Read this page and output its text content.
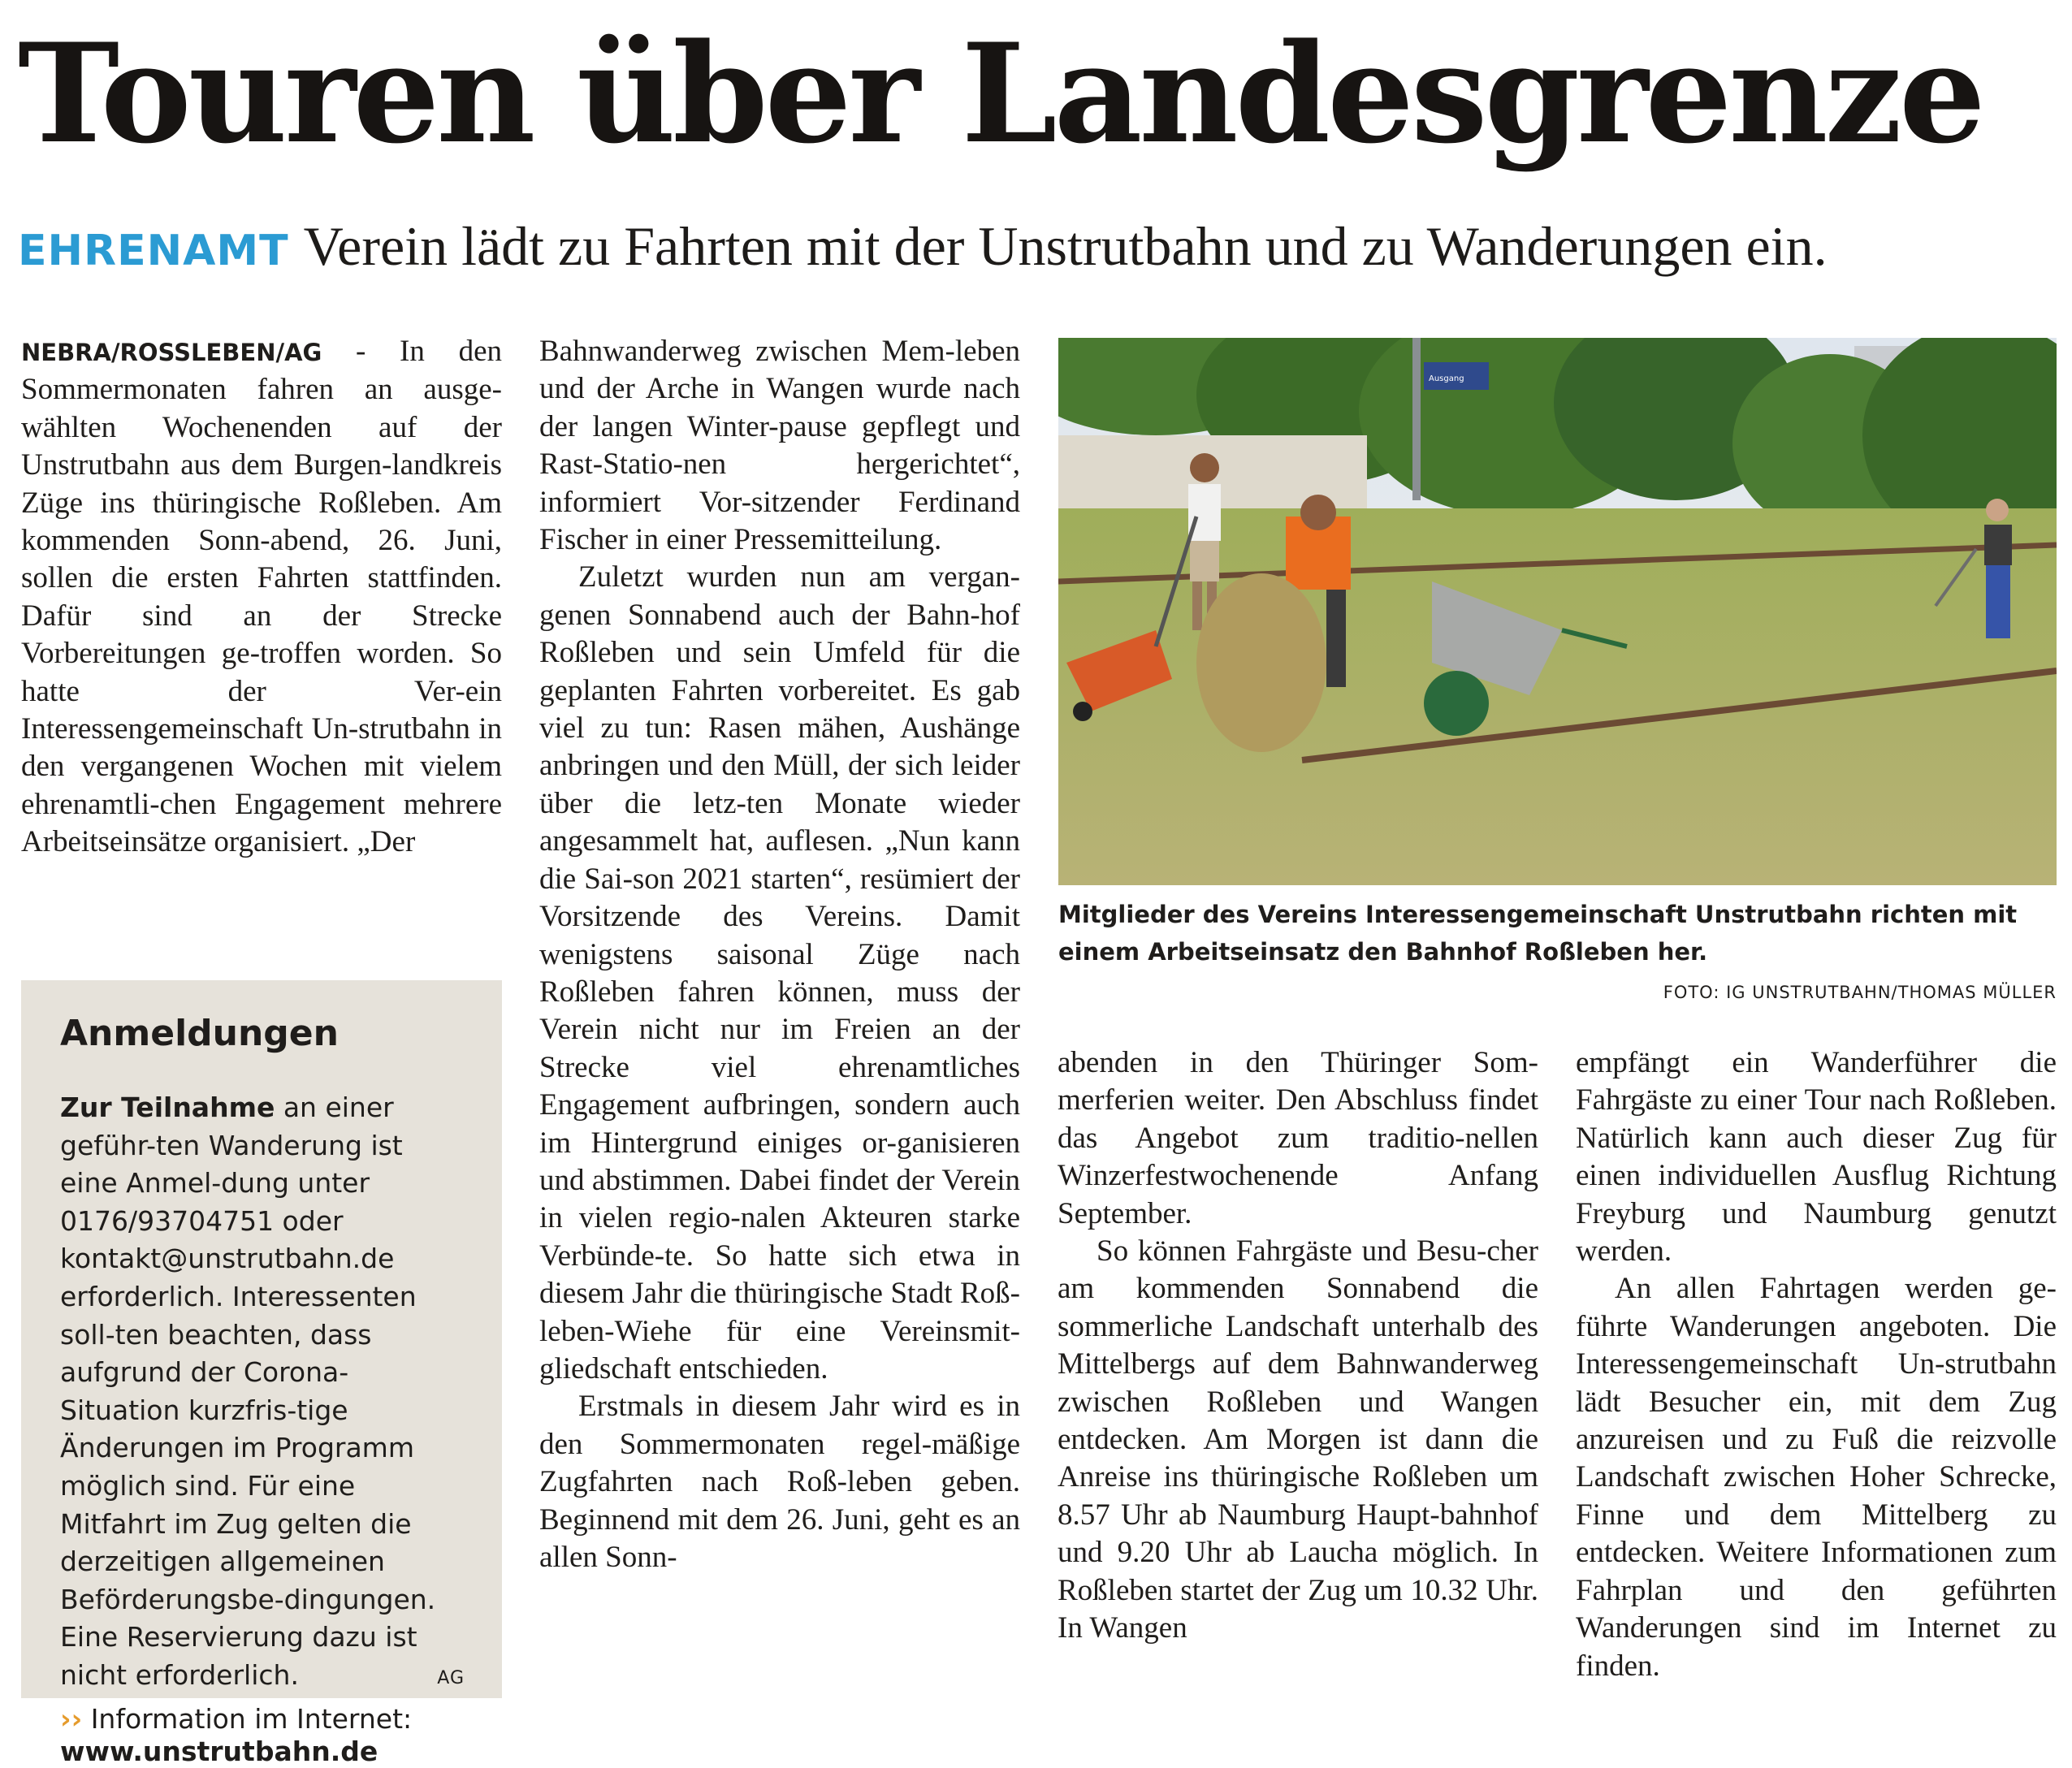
Touren über Landesgrenze
EHRENAMT Verein lädt zu Fahrten mit der Unstrutbahn und zu Wanderungen ein.

NEBRA/ROSSLEBEN/AG - In den Sommermonaten fahren an ausge-wählten Wochenenden auf der Unstrutbahn aus dem Burgen-landkreis Züge ins thüringische Roßleben. Am kommenden Sonn-abend, 26. Juni, sollen die ersten Fahrten stattfinden. Dafür sind an der Strecke Vorbereitungen ge-troffen worden. So hatte der Ver-ein Interessengemeinschaft Un-strutbahn in den vergangenen Wochen mit vielem ehrenamtli-chen Engagement mehrere Arbeitseinsätze organisiert. „Der

Anmeldungen

Zur Teilnahme an einer geführ-ten Wanderung ist eine Anmel-dung unter 0176/93704751 oder kontakt@unstrutbahn.de erforderlich. Interessenten soll-ten beachten, dass aufgrund der Corona-Situation kurzfris-tige Änderungen im Programm möglich sind. Für eine Mitfahrt im Zug gelten die derzeitigen allgemeinen Beförderungsbe-dingungen. Eine Reservierung dazu ist nicht erforderlich.	AG

›› Information im Internet:
www.unstrutbahn.de

Bahnwanderweg zwischen Mem-leben und der Arche in Wangen wurde nach der langen Winter-pause gepflegt und Rast-Statio-nen hergerichtet“, informiert Vor-sitzender Ferdinand Fischer in einer Pressemitteilung.

Zuletzt wurden nun am vergan-genen Sonnabend auch der Bahn-hof Roßleben und sein Umfeld für die geplanten Fahrten vorbereitet. Es gab viel zu tun: Rasen mähen, Aushänge anbringen und den Müll, der sich leider über die letz-ten Monate wieder angesammelt hat, auflesen. „Nun kann die Sai-son 2021 starten“, resümiert der Vorsitzende des Vereins. Damit wenigstens saisonal Züge nach Roßleben fahren können, muss der Verein nicht nur im Freien an der Strecke viel ehrenamtliches Engagement aufbringen, sondern auch im Hintergrund einiges or-ganisieren und abstimmen. Dabei findet der Verein in vielen regio-nalen Akteuren starke Verbünde-te. So hatte sich etwa in diesem Jahr die thüringische Stadt Roß-leben-Wiehe für eine Vereinsmit-gliedschaft entschieden.

Erstmals in diesem Jahr wird es in den Sommermonaten regel-mäßige Zugfahrten nach Roß-leben geben. Beginnend mit dem 26. Juni, geht es an allen Sonn-

Ausgang
Mitglieder des Vereins Interessengemeinschaft Unstrutbahn richten mit einem Arbeitseinsatz den Bahnhof Roßleben her.
FOTO: IG UNSTRUTBAHN/THOMAS MÜLLER

abenden in den Thüringer Som-merferien weiter. Den Abschluss findet das Angebot zum traditio-nellen Winzerfestwochenende Anfang September.

So können Fahrgäste und Besu-cher am kommenden Sonnabend die sommerliche Landschaft unterhalb des Mittelbergs auf dem Bahnwanderweg zwischen Roßleben und Wangen entdecken. Am Morgen ist dann die Anreise ins thüringische Roßleben um 8.57 Uhr ab Naumburg Haupt-bahnhof und 9.20 Uhr ab Laucha möglich. In Roßleben startet der Zug um 10.32 Uhr. In Wangen

empfängt ein Wanderführer die Fahrgäste zu einer Tour nach Roßleben. Natürlich kann auch dieser Zug für einen individuellen Ausflug Richtung Freyburg und Naumburg genutzt werden.

An allen Fahrtagen werden ge-führte Wanderungen angeboten. Die Interessengemeinschaft Un-strutbahn lädt Besucher ein, mit dem Zug anzureisen und zu Fuß die reizvolle Landschaft zwischen Hoher Schrecke, Finne und dem Mittelberg zu entdecken. Weitere Informationen zum Fahrplan und den geführten Wanderungen sind im Internet zu finden.
